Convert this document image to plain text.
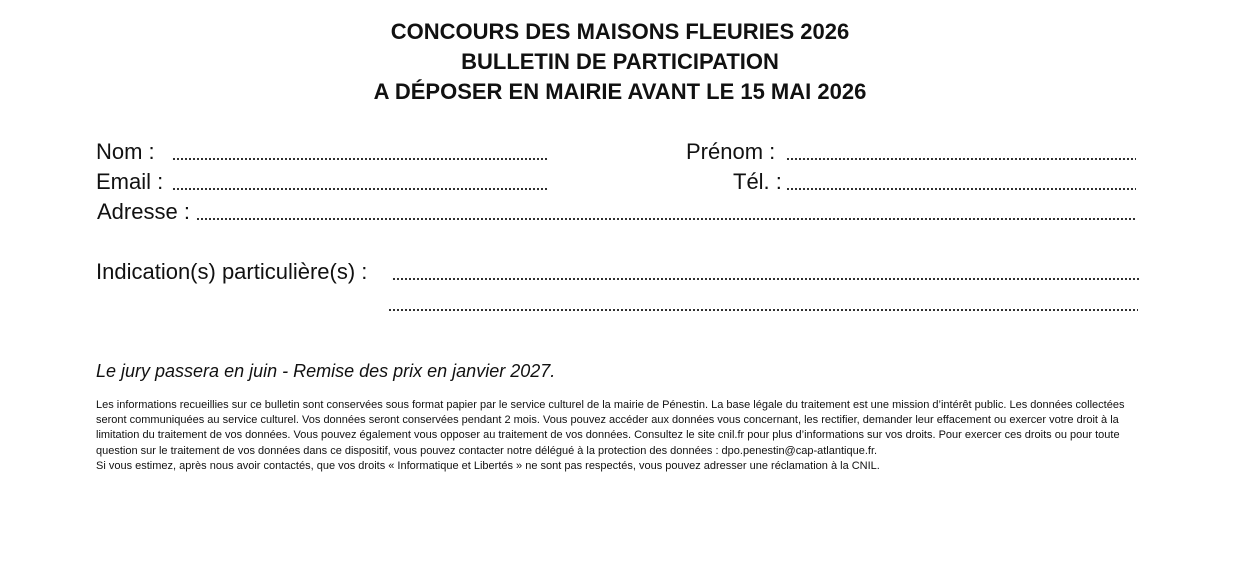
CONCOURS DES MAISONS FLEURIES 2026
BULLETIN DE PARTICIPATION
A DÉPOSER EN MAIRIE AVANT LE 15 MAI 2026
Nom :	Prénom :
Email :	Tél. :
Adresse :
Indication(s) particulière(s) :
Le jury passera en juin - Remise des prix en janvier 2027.

Les informations recueillies sur ce bulletin sont conservées sous format papier par le service culturel de la mairie de Pénestin. La base légale du traitement est une mission d’intérêt public. Les données collectées seront communiquées au service culturel. Vos données seront conservées pendant 2 mois. Vous pouvez accéder aux données vous concernant, les rectifier, demander leur effacement ou exercer votre droit à la limitation du traitement de vos données. Vous pouvez également vous opposer au traitement de vos données. Consultez le site cnil.fr pour plus d’informations sur vos droits. Pour exercer ces droits ou pour toute question sur le traitement de vos données dans ce dispositif, vous pouvez contacter notre délégué à la protection des données : dpo.penestin@cap-atlantique.fr.

Si vous estimez, après nous avoir contactés, que vos droits « Informatique et Libertés » ne sont pas respectés, vous pouvez adresser une réclamation à la CNIL.
